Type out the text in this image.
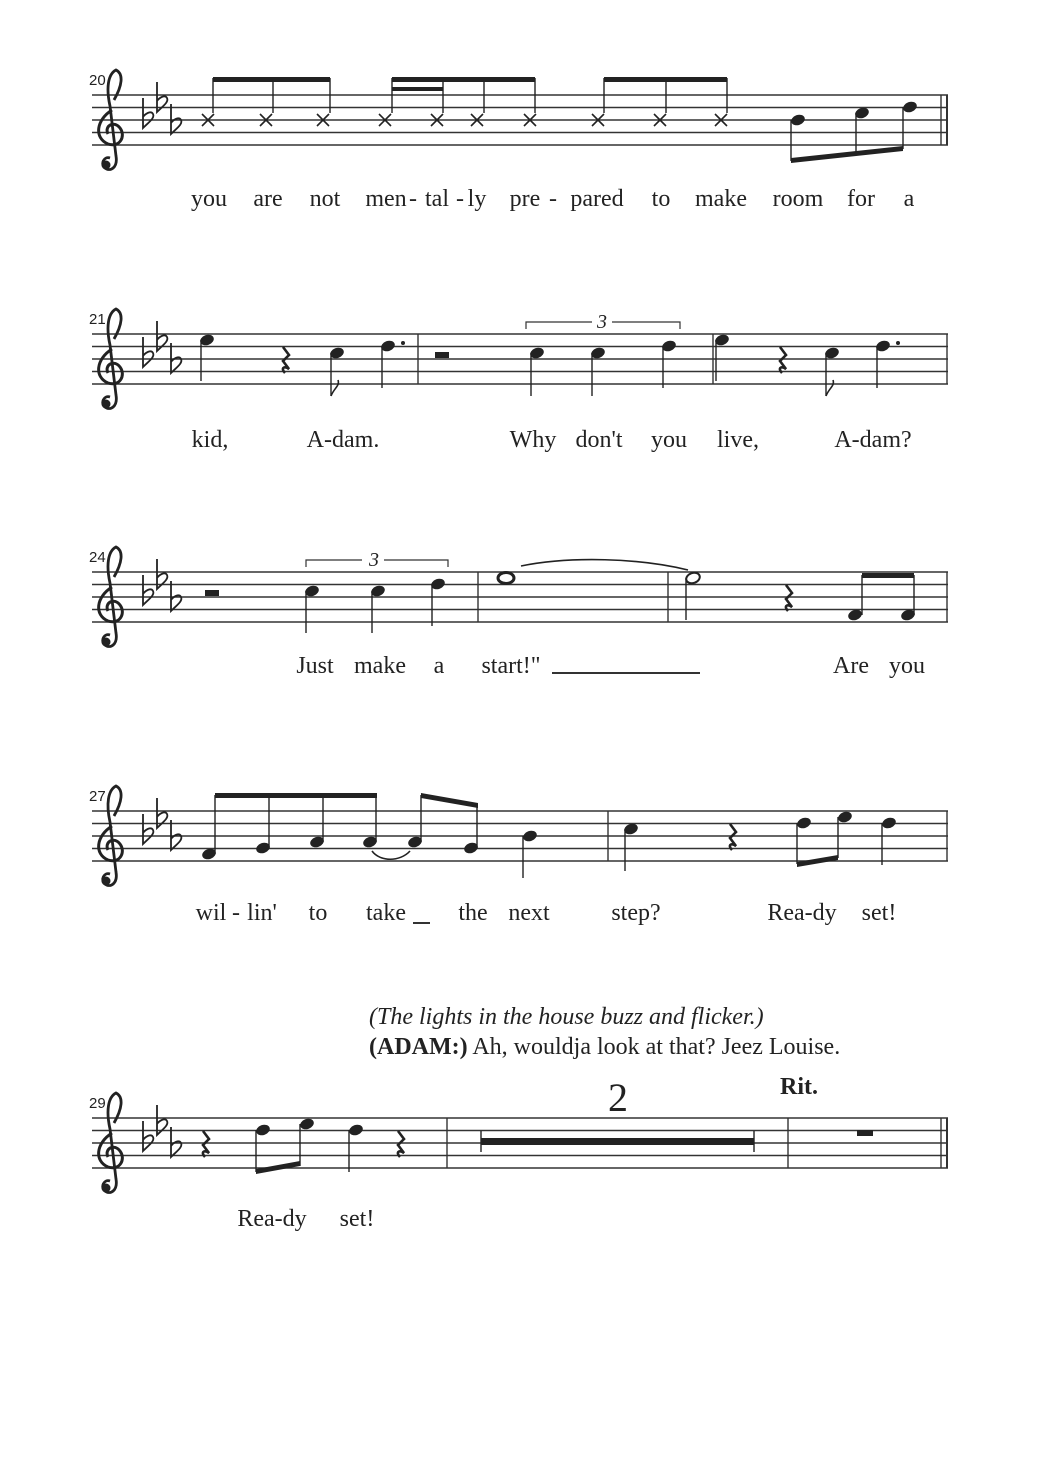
3
3
20
21
24
27
29
you are not men - tal - ly pre - pared to make room for a
kid,	A-dam.	Why don't you live,	A-dam?
Just make a start!"	Are you
wil - lin' to take the next	step?	Rea-dy set!
(The lights in the house buzz and flicker.)
(ADAM:) Ah, wouldja look at that? Jeez Louise.
2	Rit.
Rea-dy set!
